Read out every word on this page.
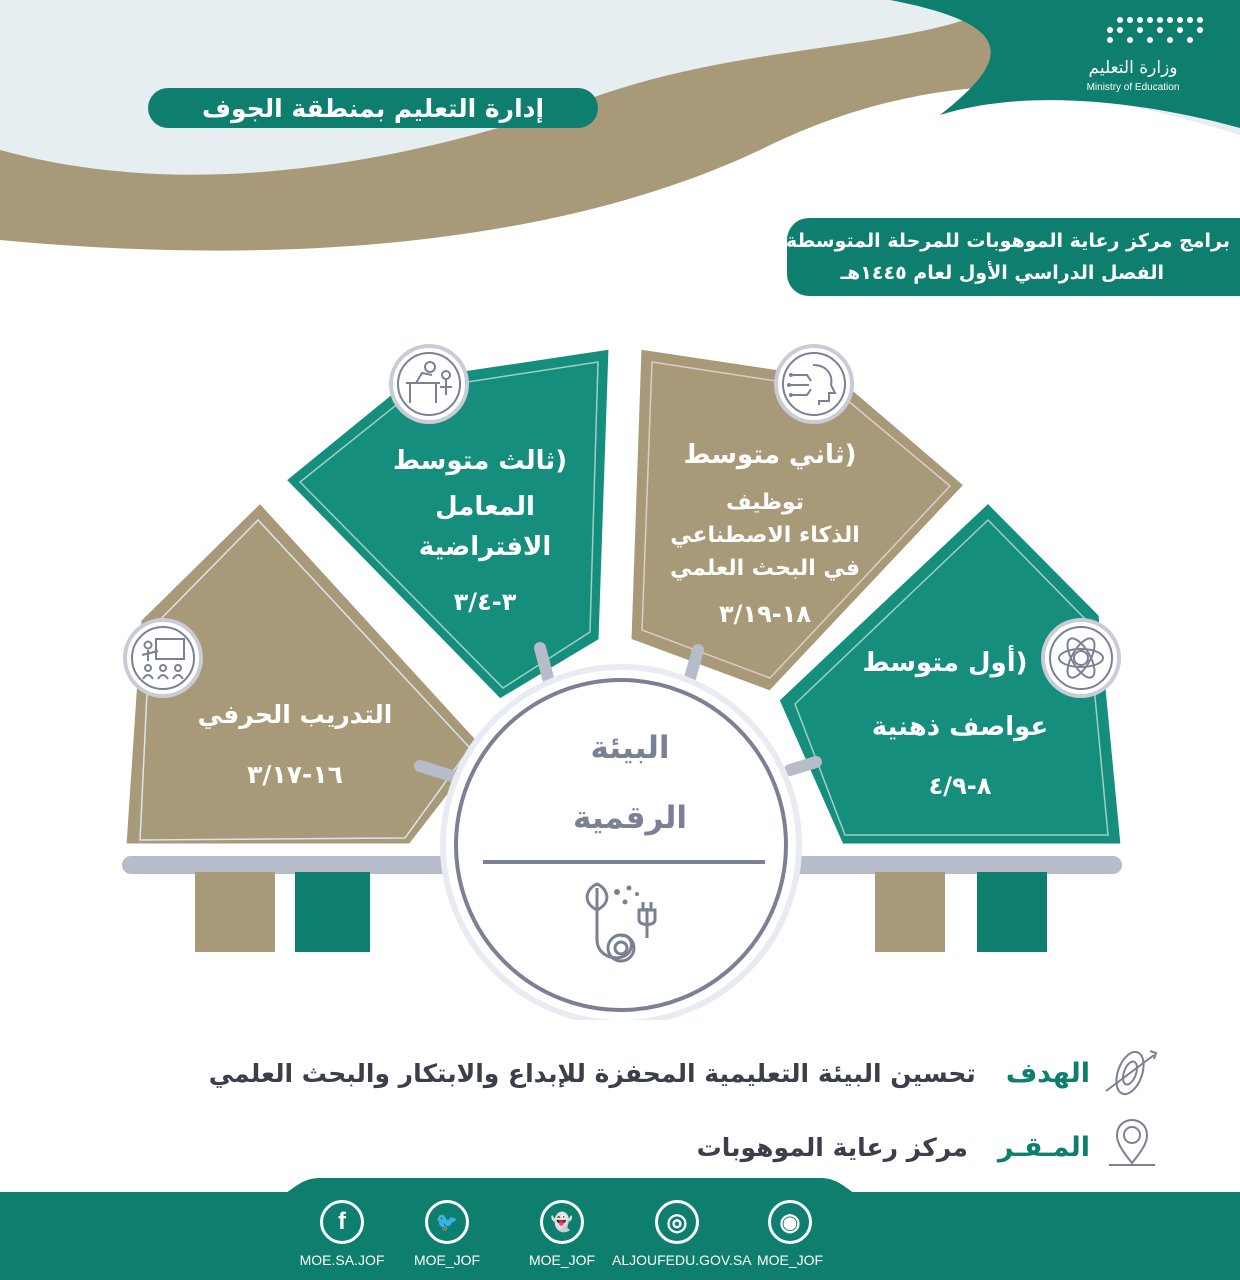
وزارة التعليم
Ministry of Education
إدارة التعليم بمنطقة الجوف
برامج مركز رعاية الموهوبات للمرحلة المتوسطة
الفصل الدراسي الأول لعام ١٤٤٥هـ
التدريب الحرفي
١٦-٣/١٧
(ثالث متوسط
المعامل
الافتراضية
٣-٣/٤
(ثاني متوسط
توظيف
الذكاء الاصطناعي
في البحث العلمي
١٨-٣/١٩
(أول متوسط
عواصف ذهنية
٨-٤/٩
البيئة
الرقمية
الهدف
تحسين البيئة التعليمية المحفزة للإبداع والابتكار والبحث العلمي
المـقـر
مركز رعاية الموهوبات
f
MOE.SA.JOF
🐦
MOE_JOF
👻
MOE_JOF
◎
ALJOUFEDU.GOV.SA
◉
MOE_JOF
